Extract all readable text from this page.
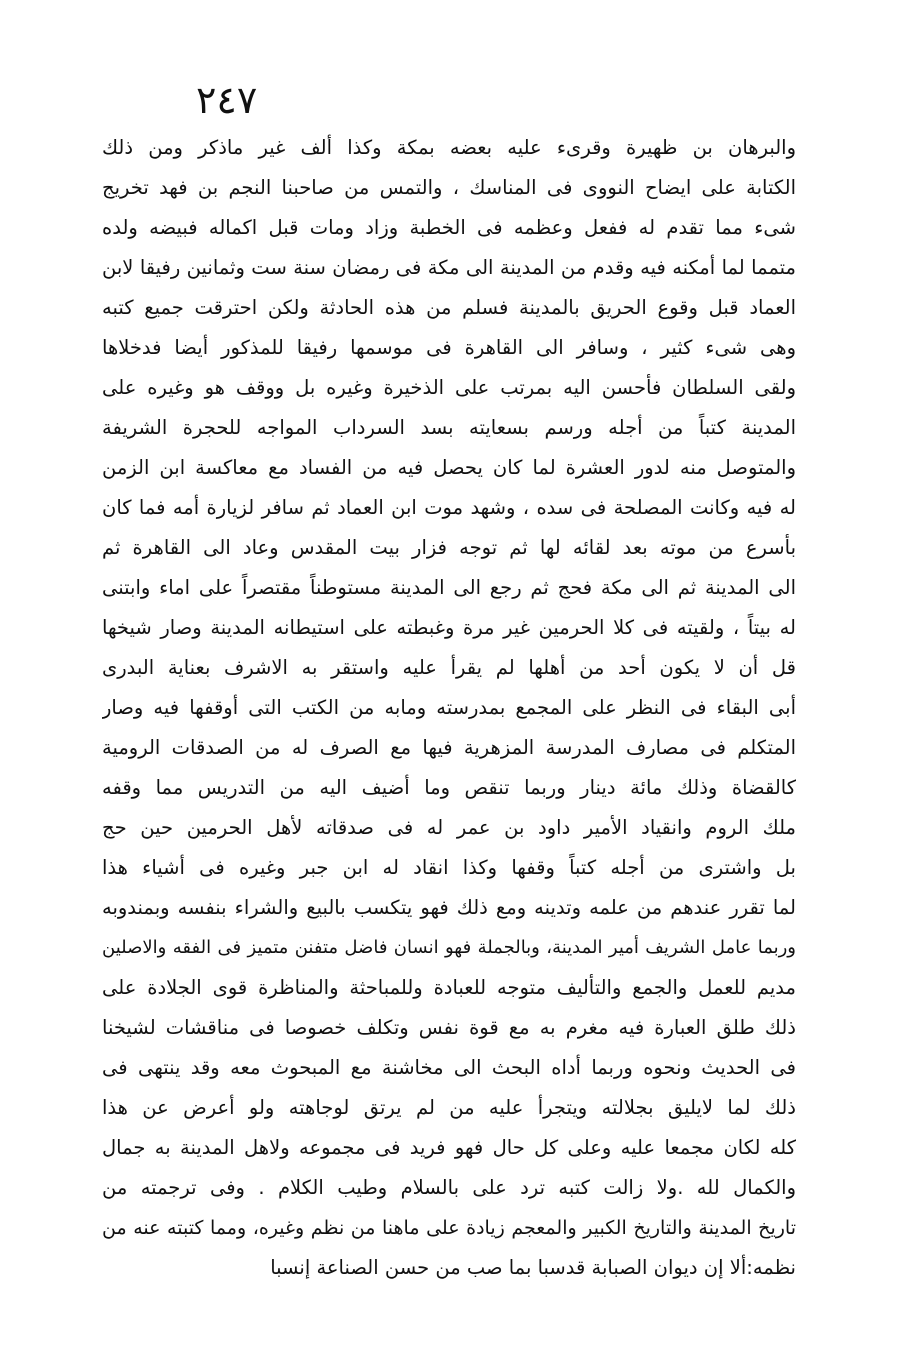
٢٤٧
والبرهان بن ظهيرة وقرىء عليه بعضه بمكة وكذا ألف غير ماذكر ومن ذلك
الكتابة على ايضاح النووى فى المناسك ، والتمس من صاحبنا النجم بن فهد تخريج
شىء مما تقدم له ففعل وعظمه فى الخطبة وزاد ومات قبل اكماله فبيضه ولده
متمما لما أمكنه فيه وقدم من المدينة الى مكة فى رمضان سنة ست وثمانين رفيقا لابن
العماد قبل وقوع الحريق بالمدينة فسلم من هذه الحادثة ولكن احترقت جميع كتبه
وهى شىء كثير ، وسافر الى القاهرة فى موسمها رفيقا للمذكور أيضا فدخلاها
ولقى السلطان فأحسن اليه بمرتب على الذخيرة وغيره بل ووقف هو وغيره على
المدينة كتباً من أجله ورسم بسعايته بسد السرداب المواجه للحجرة الشريفة
والمتوصل منه لدور العشرة لما كان يحصل فيه من الفساد مع معاكسة ابن الزمن
له فيه وكانت المصلحة فى سده ، وشهد موت ابن العماد ثم سافر لزيارة أمه فما كان
بأسرع من موته بعد لقائه لها ثم توجه فزار بيت المقدس وعاد الى القاهرة ثم
الى المدينة ثم الى مكة فحج ثم رجع الى المدينة مستوطناً مقتصراً على اماء وابتنى
له بيتاً ، ولقيته فى كلا الحرمين غير مرة وغبطته على استيطانه المدينة وصار شيخها
قل أن لا يكون أحد من أهلها لم يقرأ عليه واستقر به الاشرف بعناية البدرى
أبى البقاء فى النظر على المجمع بمدرسته ومابه من الكتب التى أوقفها فيه وصار
المتكلم فى مصارف المدرسة المزهرية فيها مع الصرف له من الصدقات الرومية
كالقضاة وذلك مائة دينار وربما تنقص وما أضيف اليه من التدريس مما وقفه
ملك الروم وانقياد الأمير داود بن عمر له فى صدقاته لأهل الحرمين حين حج
بل واشترى من أجله كتباً وقفها وكذا انقاد له ابن جبر وغيره فى أشياء هذا
لما تقرر عندهم من علمه وتدينه ومع ذلك فهو يتكسب بالبيع والشراء بنفسه وبمندوبه
وربما عامل الشريف أمير المدينة، وبالجملة فهو انسان فاضل متفنن متميز فى الفقه والاصلين
مديم للعمل والجمع والتأليف متوجه للعبادة وللمباحثة والمناظرة قوى الجلادة على
ذلك طلق العبارة فيه مغرم به مع قوة نفس وتكلف خصوصا فى مناقشات لشيخنا
فى الحديث ونحوه وربما أداه البحث الى مخاشنة مع المبحوث معه وقد ينتهى فى
ذلك لما لايليق بجلالته ويتجرأ عليه من لم يرتق لوجاهته ولو أعرض عن هذا
كله لكان مجمعا عليه وعلى كل حال فهو فريد فى مجموعه ولاهل المدينة به جمال
والكمال لله .ولا زالت كتبه ترد على بالسلام وطيب الكلام . وفى ترجمته من
تاريخ المدينة والتاريخ الكبير والمعجم زيادة على ماهنا من نظم وغيره، ومما كتبته عنه من
نظمه:ألا إن ديوان الصبابة قدسبا بما صب من حسن الصناعة إنسبا
